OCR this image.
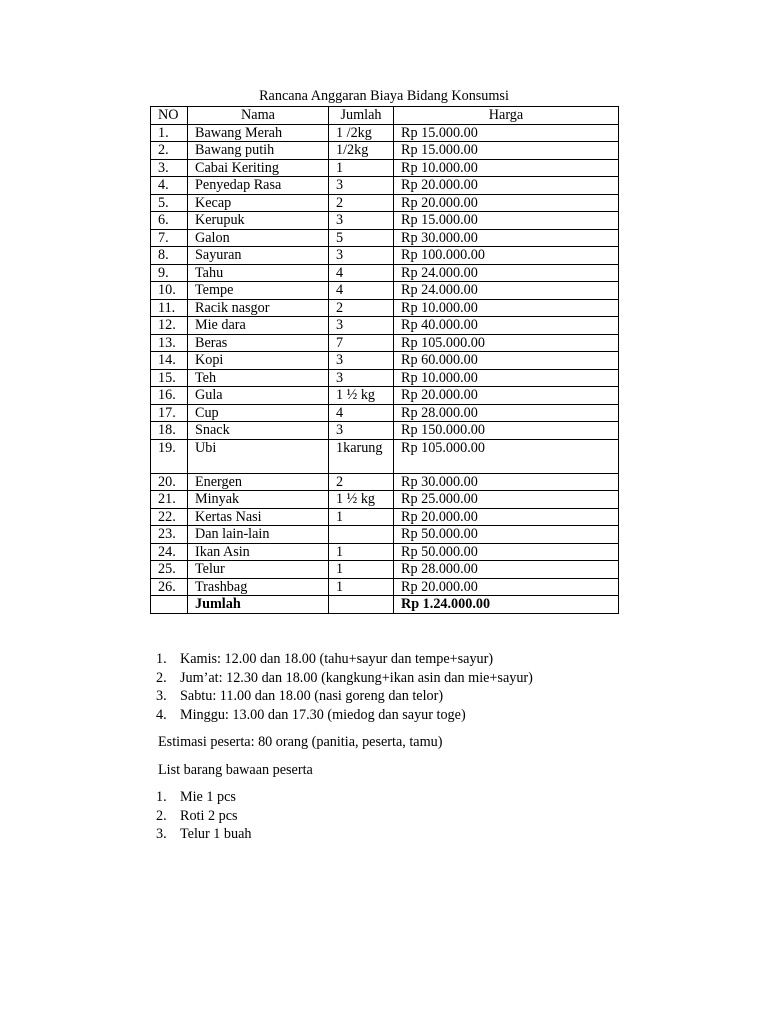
Rancana Anggaran Biaya Bidang Konsumsi
NO	Nama	Jumlah	Harga
1.	Bawang Merah	1 /2kg	Rp 15.000.00
2.	Bawang putih	1/2kg	Rp 15.000.00
3.	Cabai Keriting	1	Rp 10.000.00
4.	Penyedap Rasa	3	Rp 20.000.00
5.	Kecap	2	Rp 20.000.00
6.	Kerupuk	3	Rp 15.000.00
7.	Galon	5	Rp 30.000.00
8.	Sayuran	3	Rp 100.000.00
9.	Tahu	4	Rp 24.000.00
10.	Tempe	4	Rp 24.000.00
11.	Racik nasgor	2	Rp 10.000.00
12.	Mie dara	3	Rp 40.000.00
13.	Beras	7	Rp 105.000.00
14.	Kopi	3	Rp 60.000.00
15.	Teh	3	Rp 10.000.00
16.	Gula	1 ½ kg	Rp 20.000.00
17.	Cup	4	Rp 28.000.00
18.	Snack	3	Rp 150.000.00
19.	Ubi	1karung	Rp 105.000.00
20.	Energen	2	Rp 30.000.00
21.	Minyak	1 ½ kg	Rp 25.000.00
22.	Kertas Nasi	1	Rp 20.000.00
23.	Dan lain-lain		Rp 50.000.00
24.	Ikan Asin	1	Rp 50.000.00
25.	Telur	1	Rp 28.000.00
26.	Trashbag	1	Rp 20.000.00
	Jumlah		Rp 1.24.000.00
1. Kamis: 12.00 dan 18.00 (tahu+sayur dan tempe+sayur)
2. Jum’at: 12.30 dan 18.00 (kangkung+ikan asin dan mie+sayur)
3. Sabtu: 11.00 dan 18.00 (nasi goreng dan telor)
4. Minggu: 13.00 dan 17.30 (miedog dan sayur toge)
Estimasi peserta: 80 orang (panitia, peserta, tamu)
List barang bawaan peserta
1. Mie 1 pcs
2. Roti 2 pcs
3. Telur 1 buah
